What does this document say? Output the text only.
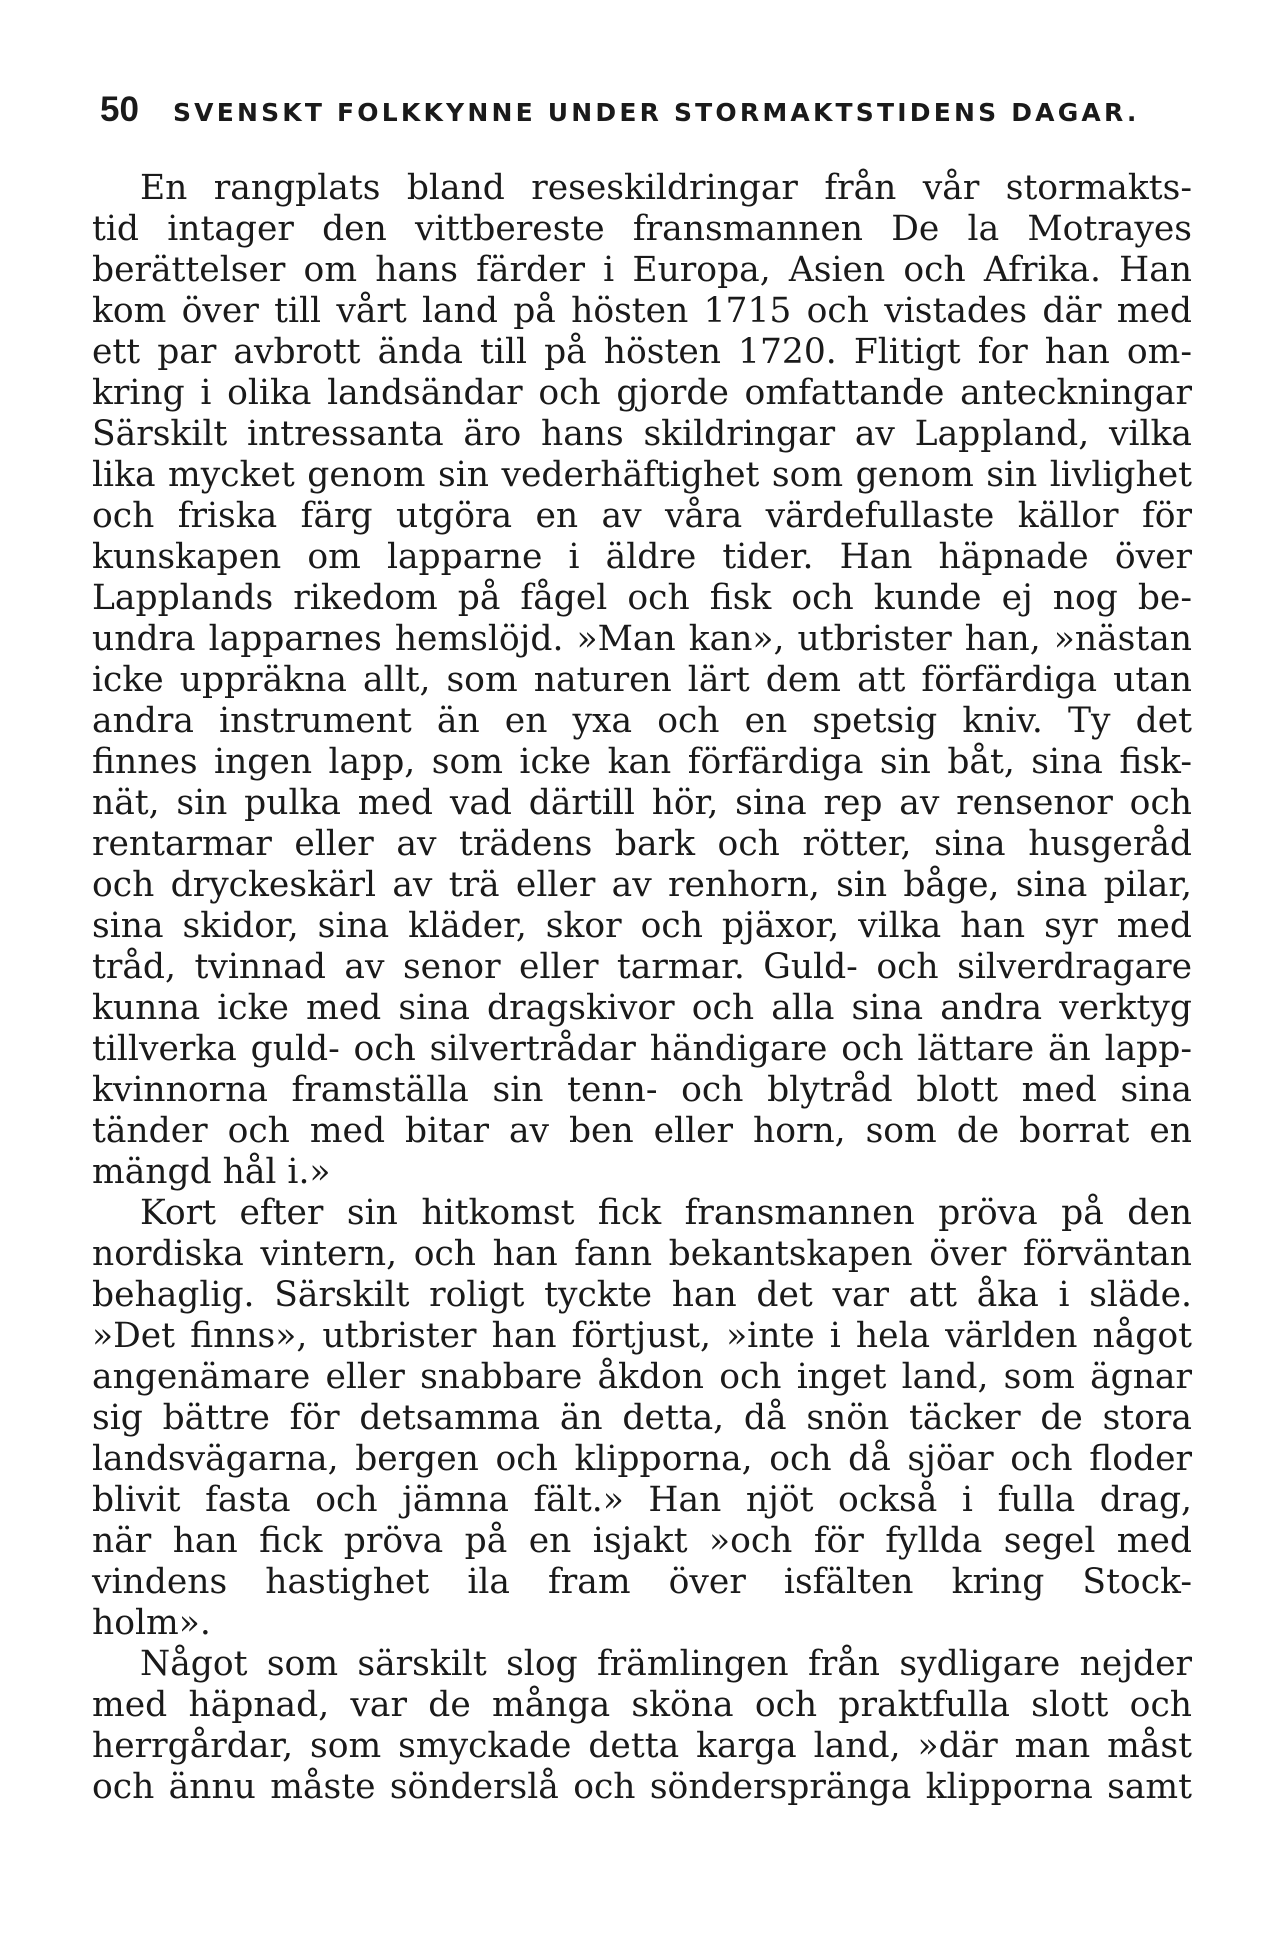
50 SVENSKT FOLKKYNNE UNDER STORMAKTSTIDENS DAGAR.
En rangplats bland reseskildringar från vår stormakts-
tid intager den vittbereste fransmannen De la Motrayes
berättelser om hans färder i Europa, Asien och Afrika. Han
kom över till vårt land på hösten 1715 och vistades där med
ett par avbrott ända till på hösten 1720. Flitigt for han om-
kring i olika landsändar och gjorde omfattande anteckningar
Särskilt intressanta äro hans skildringar av Lappland, vilka
lika mycket genom sin vederhäftighet som genom sin livlighet
och friska färg utgöra en av våra värdefullaste källor för
kunskapen om lapparne i äldre tider. Han häpnade över
Lapplands rikedom på fågel och fisk och kunde ej nog be-
undra lapparnes hemslöjd. »Man kan», utbrister han, »nästan
icke uppräkna allt, som naturen lärt dem att förfärdiga utan
andra instrument än en yxa och en spetsig kniv. Ty det
finnes ingen lapp, som icke kan förfärdiga sin båt, sina fisk-
nät, sin pulka med vad därtill hör, sina rep av rensenor och
rentarmar eller av trädens bark och rötter, sina husgeråd
och dryckeskärl av trä eller av renhorn, sin båge, sina pilar,
sina skidor, sina kläder, skor och pjäxor, vilka han syr med
tråd, tvinnad av senor eller tarmar. Guld- och silverdragare
kunna icke med sina dragskivor och alla sina andra verktyg
tillverka guld- och silvertrådar händigare och lättare än lapp-
kvinnorna framställa sin tenn- och blytråd blott med sina
tänder och med bitar av ben eller horn, som de borrat en
mängd hål i.»
Kort efter sin hitkomst fick fransmannen pröva på den
nordiska vintern, och han fann bekantskapen över förväntan
behaglig. Särskilt roligt tyckte han det var att åka i släde.
»Det finns», utbrister han förtjust, »inte i hela världen något
angenämare eller snabbare åkdon och inget land, som ägnar
sig bättre för detsamma än detta, då snön täcker de stora
landsvägarna, bergen och klipporna, och då sjöar och floder
blivit fasta och jämna fält.» Han njöt också i fulla drag,
när han fick pröva på en isjakt »och för fyllda segel med
vindens hastighet ila fram över isfälten kring Stock-
holm».
Något som särskilt slog främlingen från sydligare nejder
med häpnad, var de många sköna och praktfulla slott och
herrgårdar, som smyckade detta karga land, »där man måst
och ännu måste sönderslå och sönderspränga klipporna samt
